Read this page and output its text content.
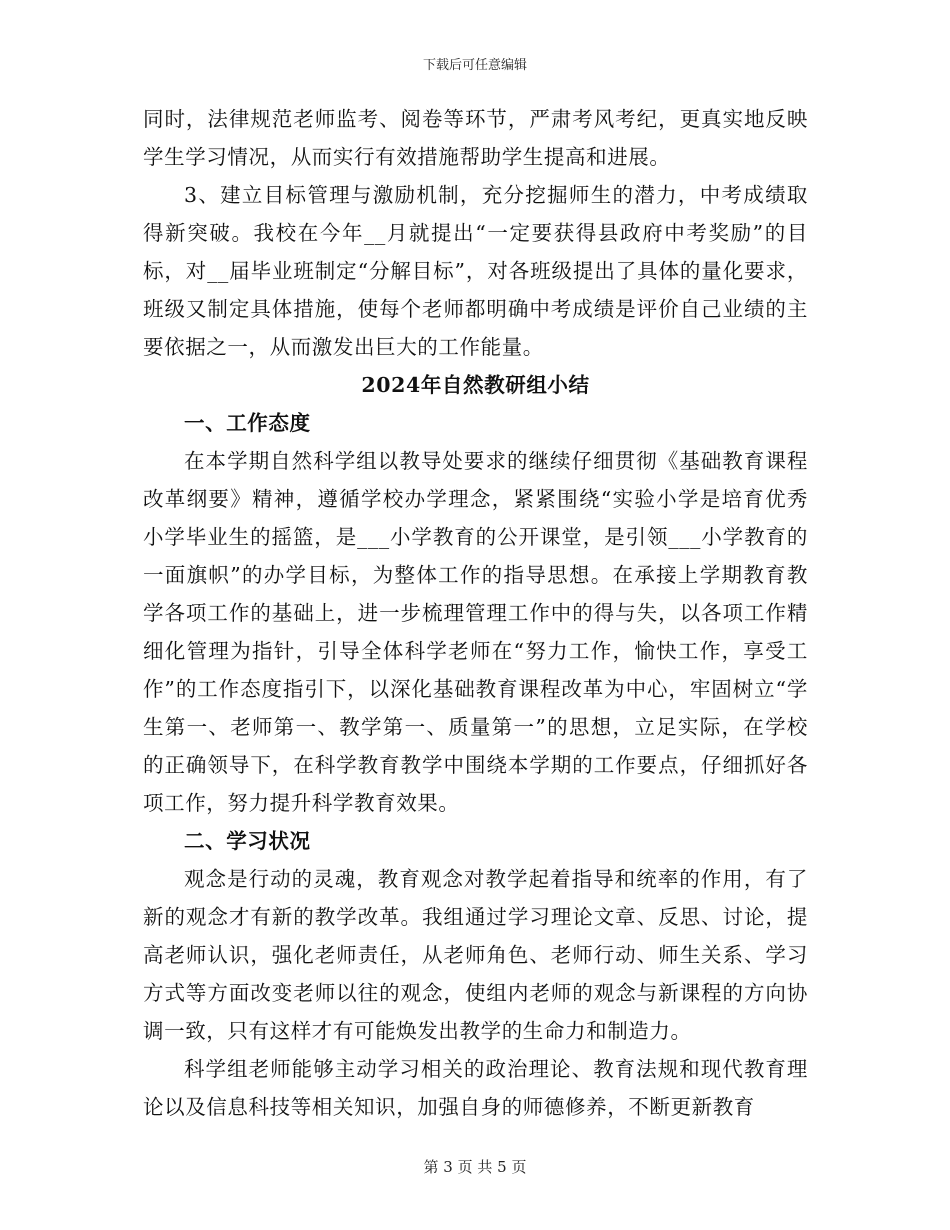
下载后可任意编辑

同时，法律规范老师监考、阅卷等环节，严肃考风考纪，更真实地反映学生学习情况，从而实行有效措施帮助学生提高和进展。

3、建立目标管理与激励机制，充分挖掘师生的潜力，中考成绩取得新突破。我校在今年__月就提出“一定要获得县政府中考奖励”的目标，对__届毕业班制定“分解目标”，对各班级提出了具体的量化要求，班级又制定具体措施，使每个老师都明确中考成绩是评价自己业绩的主要依据之一，从而激发出巨大的工作能量。

2024年自然教研组小结

一、工作态度

在本学期自然科学组以教导处要求的继续仔细贯彻《基础教育课程改革纲要》精神，遵循学校办学理念，紧紧围绕“实验小学是培育优秀小学毕业生的摇篮，是___小学教育的公开课堂，是引领___小学教育的一面旗帜”的办学目标，为整体工作的指导思想。在承接上学期教育教学各项工作的基础上，进一步梳理管理工作中的得与失，以各项工作精细化管理为指针，引导全体科学老师在“努力工作，愉快工作，享受工作”的工作态度指引下，以深化基础教育课程改革为中心，牢固树立“学生第一、老师第一、教学第一、质量第一”的思想，立足实际，在学校的正确领导下，在科学教育教学中围绕本学期的工作要点，仔细抓好各项工作，努力提升科学教育效果。

二、学习状况

观念是行动的灵魂，教育观念对教学起着指导和统率的作用，有了新的观念才有新的教学改革。我组通过学习理论文章、反思、讨论，提高老师认识，强化老师责任，从老师角色、老师行动、师生关系、学习方式等方面改变老师以往的观念，使组内老师的观念与新课程的方向协调一致，只有这样才有可能焕发出教学的生命力和制造力。

科学组老师能够主动学习相关的政治理论、教育法规和现代教育理论以及信息科技等相关知识，加强自身的师德修养，不断更新教育

第 3 页 共 5 页
